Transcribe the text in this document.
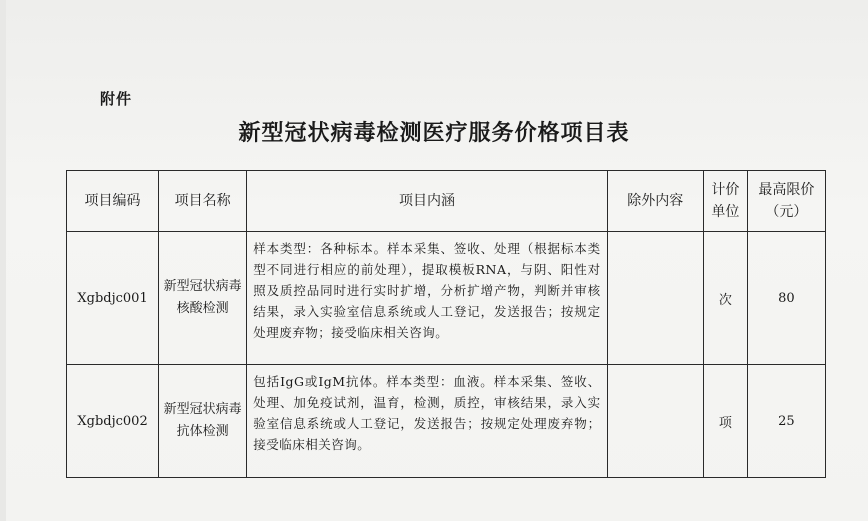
附件
新型冠状病毒检测医疗服务价格项目表
项目编码	项目名称	项目内涵	除外内容	计价单位	最高限价（元）
Xgbdjc001	新型冠状病毒核酸检测	样本类型：各种标本。样本采集、签收、处理（根据标本类型不同进行相应的前处理），提取模板RNA，与阴、阳性对照及质控品同时进行实时扩增，分析扩增产物，判断并审核结果，录入实验室信息系统或人工登记，发送报告；按规定处理废弃物；接受临床相关咨询。		次	80
Xgbdjc002	新型冠状病毒抗体检测	包括IgG或IgM抗体。样本类型：血液。样本采集、签收、处理、加免疫试剂，温育，检测，质控，审核结果，录入实验室信息系统或人工登记，发送报告；按规定处理废弃物；接受临床相关咨询。		项	25
